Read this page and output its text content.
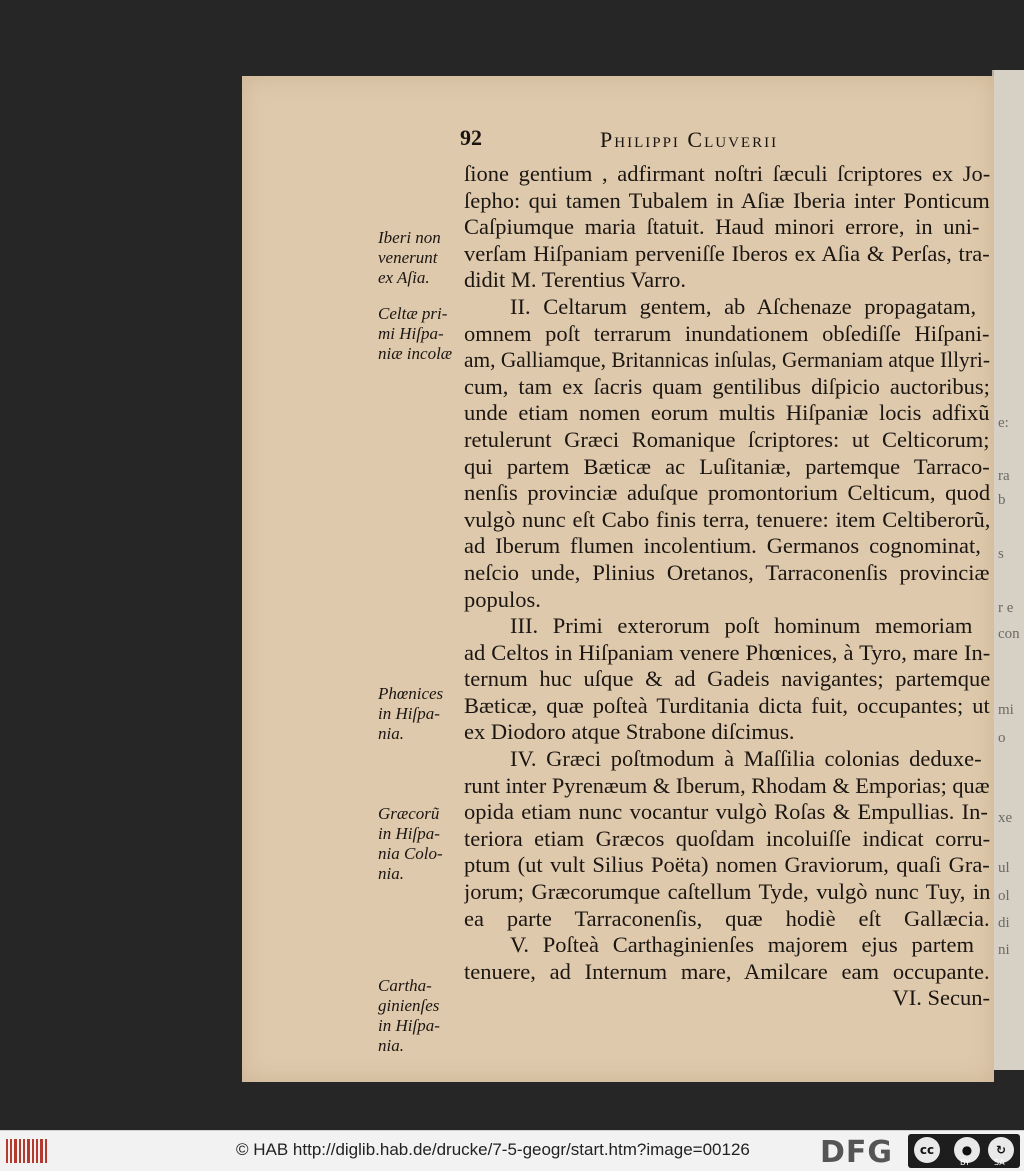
e:
ra
b
s
r e
con
mi
o
xe
ul
ol
di
ni
92	Philippi Cluverii
Iberi non
venerunt
ex Aſia.
Celtæ pri-
mi Hiſpa-
niæ incolæ
Phœnices
in Hiſpa-
nia.
Græcorũ
in Hiſpa-
nia Colo-
nia.
Cartha-
ginienſes
in Hiſpa-
nia.
ſione gentium , adfirmant noſtri ſæculi ſcriptores ex Jo-
ſepho: qui tamen Tubalem in Aſiæ Iberia inter Ponticum
Caſpiumque maria ſtatuit. Haud minori errore, in uni-
verſam Hiſpaniam perveniſſe Iberos ex Aſia & Perſas, tra-
didit M. Terentius Varro.
II. Celtarum gentem, ab Aſchenaze propagatam,
omnem poſt terrarum inundationem obſediſſe Hiſpani-
am, Galliamque, Britannicas inſulas, Germaniam atque Illyri-
cum, tam ex ſacris quam gentilibus diſpicio auctoribus;
unde etiam nomen eorum multis Hiſpaniæ locis adfixũ
retulerunt Græci Romanique ſcriptores: ut Celticorum;
qui partem Bæticæ ac Luſitaniæ, partemque Tarraco-
nenſis provinciæ aduſque promontorium Celticum, quod
vulgò nunc eſt Cabo finis terra, tenuere: item Celtiberorũ,
ad Iberum flumen incolentium. Germanos cognominat,
neſcio unde, Plinius Oretanos, Tarraconenſis provinciæ
populos.
III. Primi exterorum poſt hominum memoriam
ad Celtos in Hiſpaniam venere Phœnices, à Tyro, mare In-
ternum huc uſque & ad Gadeis navigantes; partemque
Bæticæ, quæ poſteà Turditania dicta fuit, occupantes; ut
ex Diodoro atque Strabone diſcimus.
IV. Græci poſtmodum à Maſſilia colonias deduxe-
runt inter Pyrenæum & Iberum, Rhodam & Emporias; quæ
opida etiam nunc vocantur vulgò Roſas & Empullias. In-
teriora etiam Græcos quoſdam incoluiſſe indicat corru-
ptum (ut vult Silius Poëta) nomen Graviorum, quaſi Gra-
jorum; Græcorumque caſtellum Tyde, vulgò nunc Tuy, in
ea parte Tarraconenſis, quæ hodiè eſt Gallæcia.
V. Poſteà Carthaginienſes majorem ejus partem
tenuere, ad Internum mare, Amilcare eam occupante.
VI. Secun-
© HAB http://diglib.hab.de/drucke/7-5-geogr/start.htm?image=00126 DFG	cc	●	↻
BY	SA
